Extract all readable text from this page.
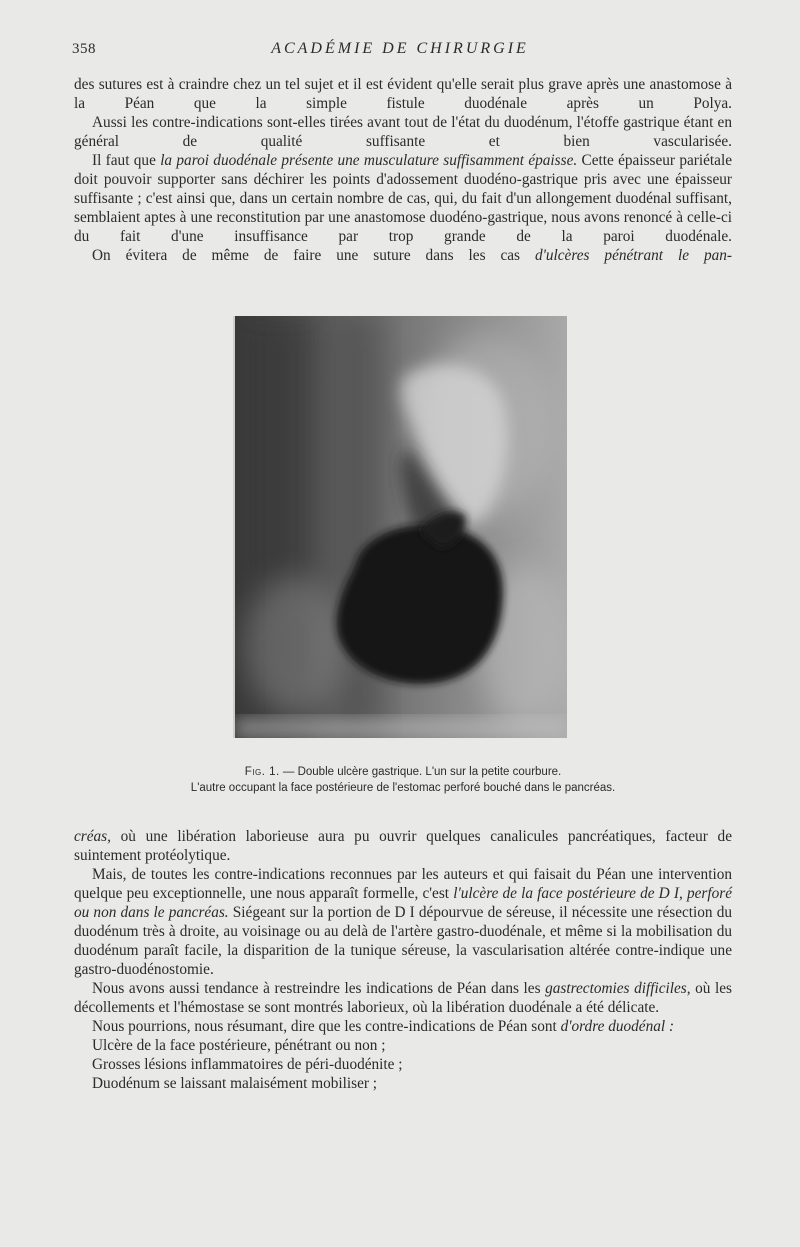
358	ACADÉMIE DE CHIRURGIE

des sutures est à craindre chez un tel sujet et il est évident qu'elle serait plus grave après une anastomose à la Péan que la simple fistule duodénale après un Polya.

Aussi les contre-indications sont-elles tirées avant tout de l'état du duodénum, l'étoffe gastrique étant en général de qualité suffisante et bien vascularisée.

Il faut que la paroi duodénale présente une musculature suffisamment épaisse. Cette épaisseur pariétale doit pouvoir supporter sans déchirer les points d'adossement duodéno-gastrique pris avec une épaisseur suffisante ; c'est ainsi que, dans un certain nombre de cas, qui, du fait d'un allongement duodénal suffisant, semblaient aptes à une reconstitution par une anastomose duodéno-gastrique, nous avons renoncé à celle-ci du fait d'une insuffisance par trop grande de la paroi duodénale.

On évitera de même de faire une suture dans les cas d'ulcères pénétrant le pan-

Fig. 1. — Double ulcère gastrique. L'un sur la petite courbure.
L'autre occupant la face postérieure de l'estomac perforé bouché dans le pancréas.

créas, où une libération laborieuse aura pu ouvrir quelques canalicules pancréatiques, facteur de suintement protéolytique.

Mais, de toutes les contre-indications reconnues par les auteurs et qui faisait du Péan une intervention quelque peu exceptionnelle, une nous apparaît formelle, c'est l'ulcère de la face postérieure de D I, perforé ou non dans le pancréas. Siégeant sur la portion de D I dépourvue de séreuse, il nécessite une résection du duodénum très à droite, au voisinage ou au delà de l'artère gastro-duodénale, et même si la mobilisation du duodénum paraît facile, la disparition de la tunique séreuse, la vascularisation altérée contre-indique une gastro-duodénostomie.

Nous avons aussi tendance à restreindre les indications de Péan dans les gastrectomies difficiles, où les décollements et l'hémostase se sont montrés laborieux, où la libération duodénale a été délicate.

Nous pourrions, nous résumant, dire que les contre-indications de Péan sont d'ordre duodénal :

Ulcère de la face postérieure, pénétrant ou non ;

Grosses lésions inflammatoires de péri-duodénite ;

Duodénum se laissant malaisément mobiliser ;
